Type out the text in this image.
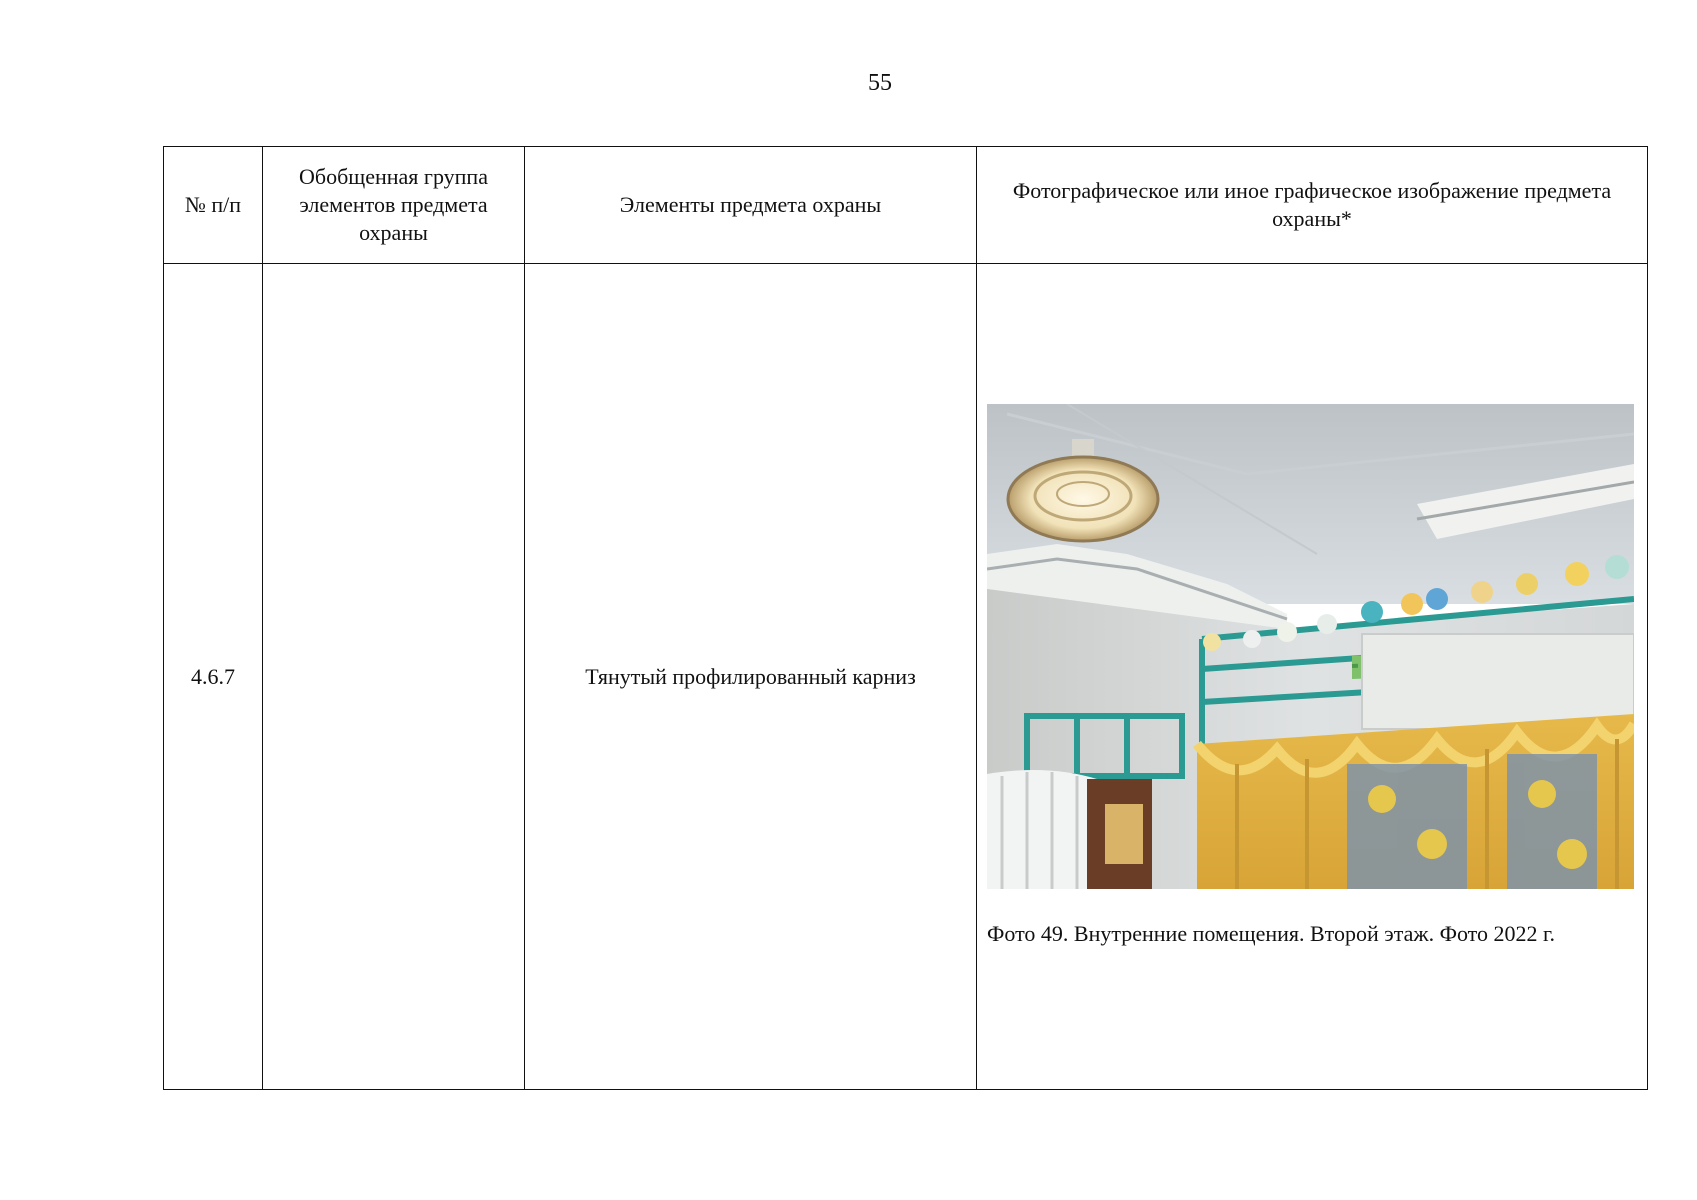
55
№ п/п	Обобщенная группа элементов предмета охраны	Элементы предмета охраны	Фотографическое или иное графическое изображение предмета охраны*
4.6.7		Тянутый профилированный карниз	Фото 49. Внутренние помещения. Второй этаж. Фото 2022 г.
